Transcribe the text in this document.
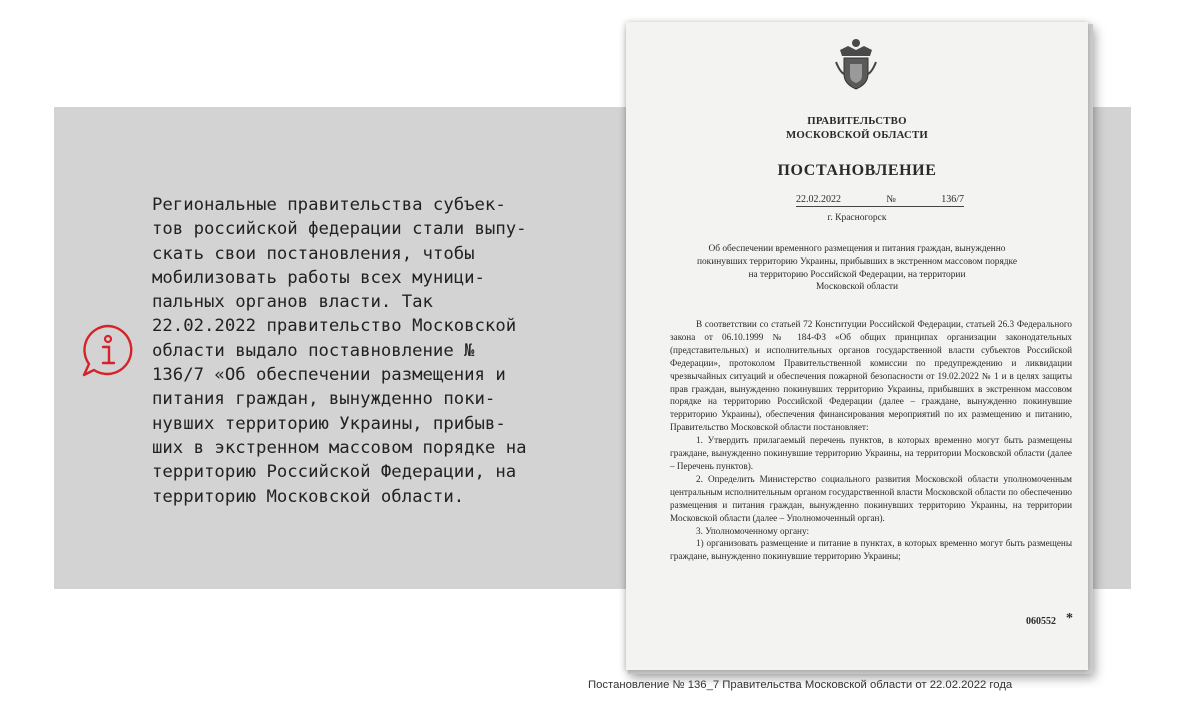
Региональные правительства субъек-
тов российской федерации стали выпу-
скать свои постановления, чтобы
мобилизовать работы всех муници-
пальных органов власти. Так
22.02.2022 правительство Московской
области выдало поставновление №
136/7 «Об обеспечении размещения и
питания граждан, вынужденно поки-
нувших территорию Украины, прибыв-
ших в экстренном массовом порядке на
территорию Российской Федерации, на
территорию Московской области.
ПРАВИТЕЛЬСТВО
МОСКОВСКОЙ ОБЛАСТИ
ПОСТАНОВЛЕНИЕ
22.02.2022	№	136/7
г. Красногорск
Об обеспечении временного размещения и питания граждан, вынужденно
покинувших территорию Украины, прибывших в экстренном массовом порядке
на территорию Российской Федерации, на территории
Московской области

В соответствии со статьей 72 Конституции Российской Федерации, статьей 26.3 Федерального закона от 06.10.1999 № 184-ФЗ «Об общих принципах организации законодательных (представительных) и исполнительных органов государственной власти субъектов Российской Федерации», протоколом Правительственной комиссии по предупреждению и ликвидации чрезвычайных ситуаций и обеспечения пожарной безопасности от 19.02.2022 № 1 и в целях защиты прав граждан, вынужденно покинувших территорию Украины, прибывших в экстренном массовом порядке на территорию Российской Федерации (далее – граждане, вынужденно покинувшие территорию Украины), обеспечения финансирования мероприятий по их размещению и питанию, Правительство Московской области постановляет:

1. Утвердить прилагаемый перечень пунктов, в которых временно могут быть размещены граждане, вынужденно покинувшие территорию Украины, на территории Московской области (далее – Перечень пунктов).

2. Определить Министерство социального развития Московской области уполномоченным центральным исполнительным органом государственной власти Московской области по обеспечению размещения и питания граждан, вынужденно покинувших территорию Украины, на территории Московской области (далее – Уполномоченный орган).

3. Уполномоченному органу:

1) организовать размещение и питание в пунктах, в которых временно могут быть размещены граждане, вынужденно покинувшие территорию Украины;

060552 *
Постановление № 136_7 Правительства Московской области от 22.02.2022 года
